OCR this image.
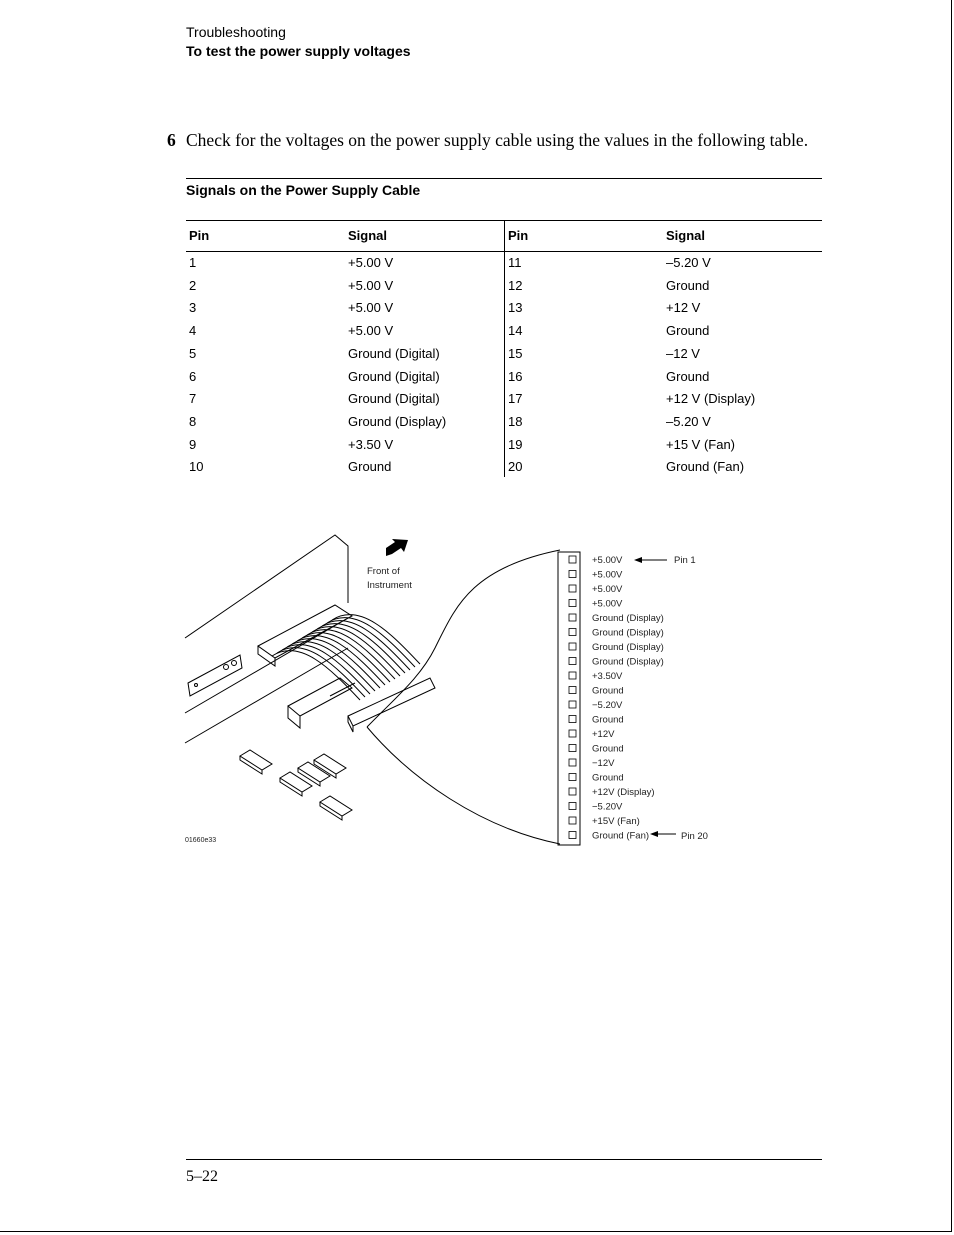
Troubleshooting
To test the power supply voltages
6 Check for the voltages on the power supply cable using the values in the following table.
Signals on the Power Supply Cable
Pin	Signal	Pin	Signal
1	+5.00 V	11	–5.20 V
2	+5.00 V	12	Ground
3	+5.00 V	13	+12 V
4	+5.00 V	14	Ground
5	Ground (Digital)	15	–12 V
6	Ground (Digital)	16	Ground
7	Ground (Digital)	17	+12 V (Display)
8	Ground (Display)	18	–5.20 V
9	+3.50 V	19	+15 V (Fan)
10	Ground	20	Ground (Fan)
+5.00V
+5.00V
+5.00V
+5.00V
Ground (Display)
Ground (Display)
Ground (Display)
Ground (Display)
+3.50V
Ground
−5.20V
Ground
+12V
Ground
−12V
Ground
+12V (Display)
−5.20V
+15V (Fan)
Ground (Fan)
Front of
Instrument
Pin 1
Pin 20
01660e33
5–22
